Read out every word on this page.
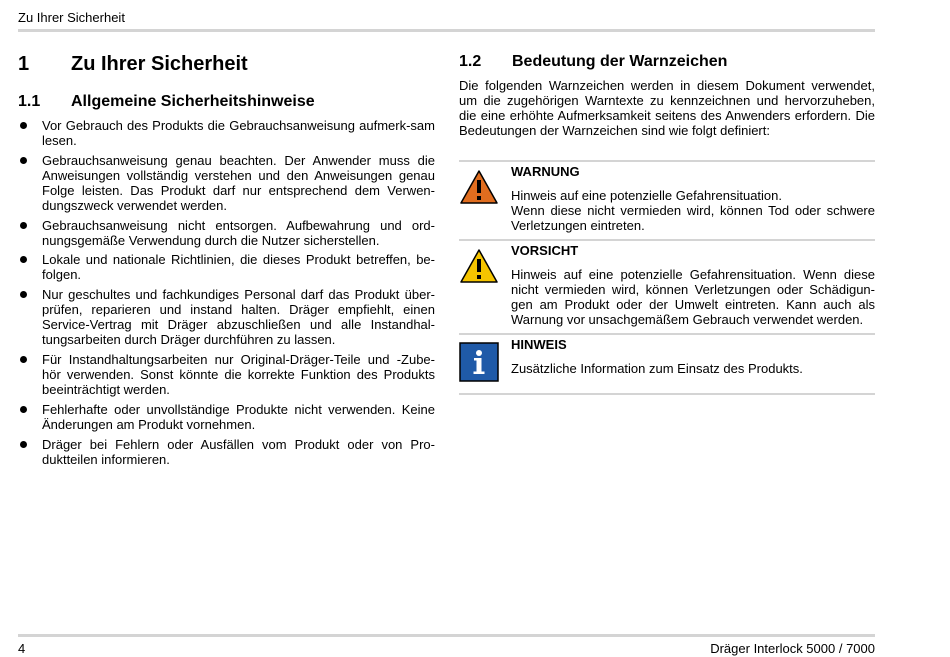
Zu Ihrer Sicherheit
1	Zu Ihrer Sicherheit
1.1	Allgemeine Sicherheitshinweise
Vor Gebrauch des Produkts die Gebrauchsanweisung aufmerk-sam lesen.
Gebrauchsanweisung genau beachten. Der Anwender muss die Anweisungen vollständig verstehen und den Anweisungen genau Folge leisten. Das Produkt darf nur entsprechend dem Verwen-dungszweck verwendet werden.
Gebrauchsanweisung nicht entsorgen. Aufbewahrung und ord-nungsgemäße Verwendung durch die Nutzer sicherstellen.
Lokale und nationale Richtlinien, die dieses Produkt betreffen, be-folgen.
Nur geschultes und fachkundiges Personal darf das Produkt über-prüfen, reparieren und instand halten. Dräger empfiehlt, einen Service-Vertrag mit Dräger abzuschließen und alle Instandhal-tungsarbeiten durch Dräger durchführen zu lassen.
Für Instandhaltungsarbeiten nur Original-Dräger-Teile und -Zube-hör verwenden. Sonst könnte die korrekte Funktion des Produkts beeinträchtigt werden.
Fehlerhafte oder unvollständige Produkte nicht verwenden. Keine Änderungen am Produkt vornehmen.
Dräger bei Fehlern oder Ausfällen vom Produkt oder von Pro-duktteilen informieren.
1.2	Bedeutung der Warnzeichen
Die folgenden Warnzeichen werden in diesem Dokument verwendet, um die zugehörigen Warntexte zu kennzeichnen und hervorzuheben, die eine erhöhte Aufmerksamkeit seitens des Anwenders erfordern. Die Bedeutungen der Warnzeichen sind wie folgt definiert:
WARNUNG
Hinweis auf eine potenzielle Gefahrensituation.
Wenn diese nicht vermieden wird, können Tod oder schwere Verletzungen eintreten.
VORSICHT
Hinweis auf eine potenzielle Gefahrensituation. Wenn diese nicht vermieden wird, können Verletzungen oder Schädigun-gen am Produkt oder der Umwelt eintreten. Kann auch als Warnung vor unsachgemäßem Gebrauch verwendet werden.
HINWEIS
Zusätzliche Information zum Einsatz des Produkts.
4	Dräger Interlock 5000 / 7000
